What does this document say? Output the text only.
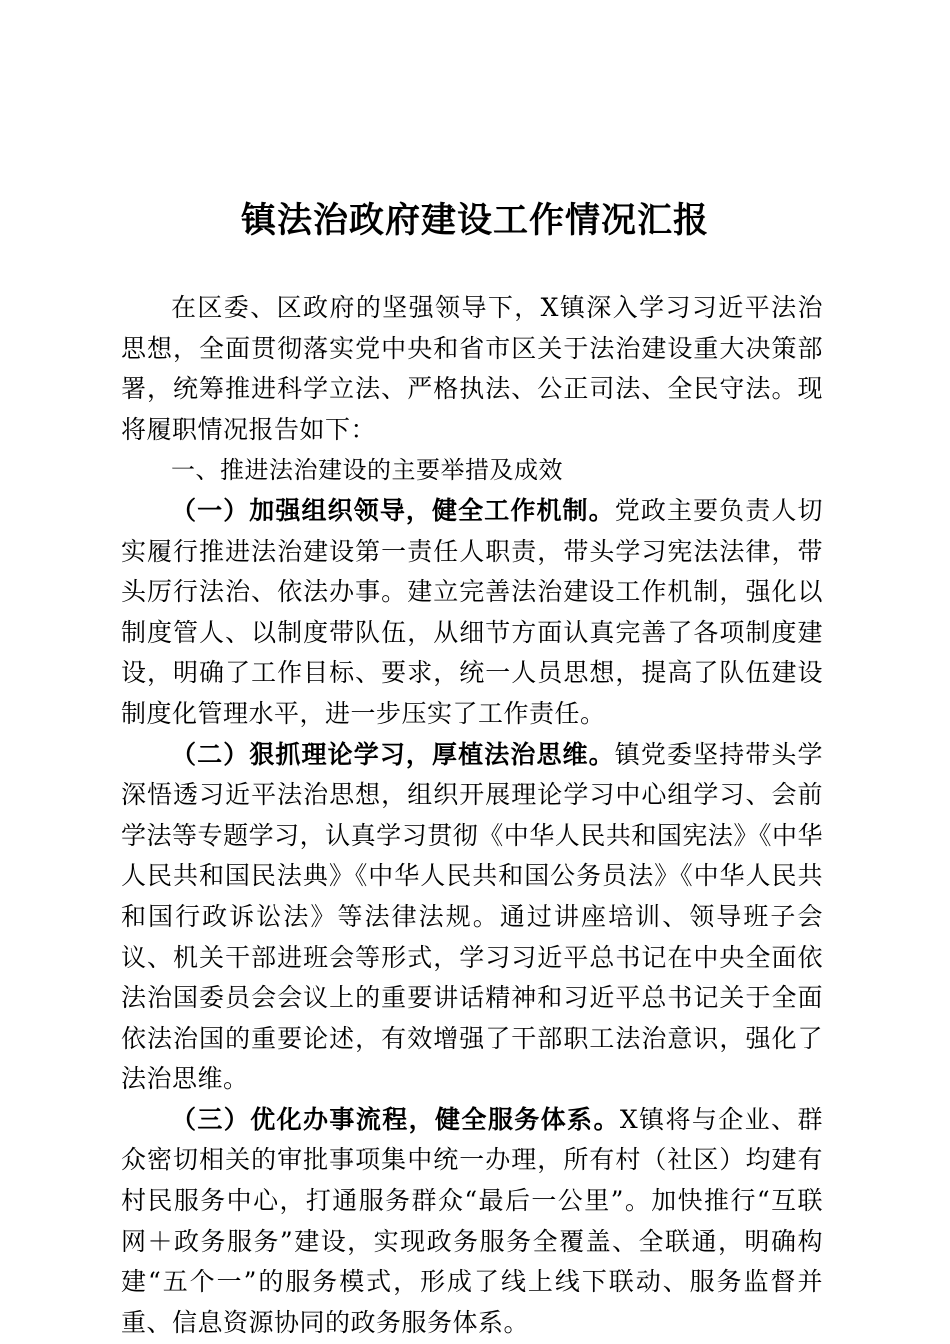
镇法治政府建设工作情况汇报

在区委、区政府的坚强领导下，X镇深入学习习近平法治思想，全面贯彻落实党中央和省市区关于法治建设重大决策部署，统筹推进科学立法、严格执法、公正司法、全民守法。现将履职情况报告如下：

一、推进法治建设的主要举措及成效

（一）加强组织领导，健全工作机制。党政主要负责人切实履行推进法治建设第一责任人职责，带头学习宪法法律，带头厉行法治、依法办事。建立完善法治建设工作机制，强化以制度管人、以制度带队伍，从细节方面认真完善了各项制度建设，明确了工作目标、要求，统一人员思想，提高了队伍建设制度化管理水平，进一步压实了工作责任。

（二）狠抓理论学习，厚植法治思维。镇党委坚持带头学深悟透习近平法治思想，组织开展理论学习中心组学习、会前学法等专题学习，认真学习贯彻《中华人民共和国宪法》《中华人民共和国民法典》《中华人民共和国公务员法》《中华人民共和国行政诉讼法》等法律法规。通过讲座培训、领导班子会议、机关干部进班会等形式，学习习近平总书记在中央全面依法治国委员会会议上的重要讲话精神和习近平总书记关于全面依法治国的重要论述，有效增强了干部职工法治意识，强化了法治思维。

（三）优化办事流程，健全服务体系。X镇将与企业、群众密切相关的审批事项集中统一办理，所有村（社区）均建有村民服务中心，打通服务群众“最后一公里”。加快推行“互联网＋政务服务”建设，实现政务服务全覆盖、全联通，明确构建“五个一”的服务模式，形成了线上线下联动、服务监督并重、信息资源协同的政务服务体系。
